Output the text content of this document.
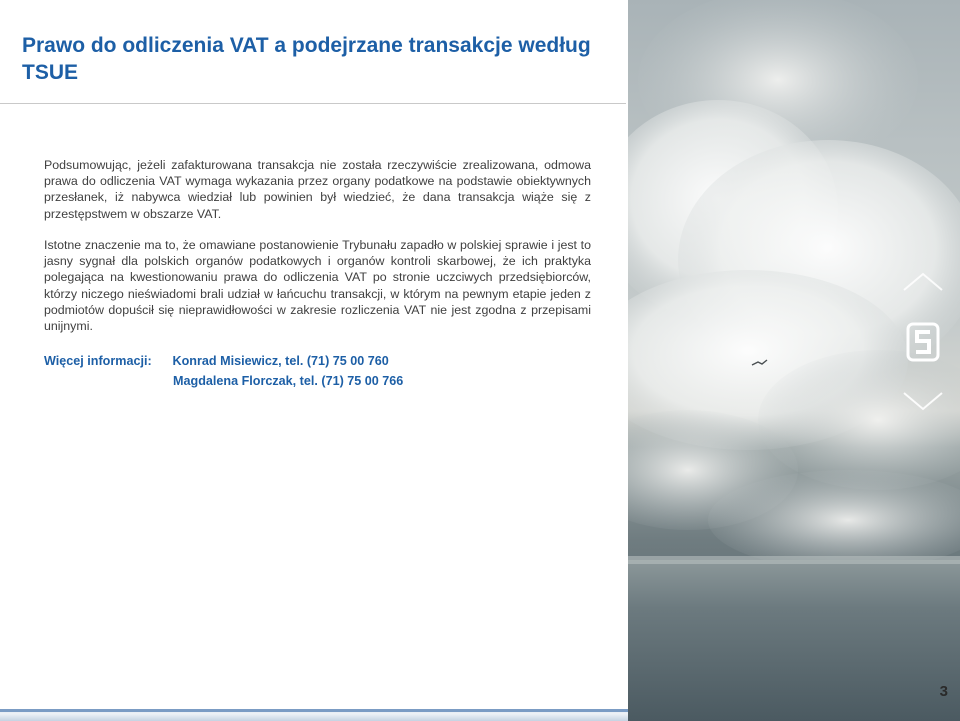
Prawo do odliczenia VAT a podejrzane transakcje według TSUE
Podsumowując, jeżeli zafakturowana transakcja nie została rzeczywiście zrealizowana, odmowa prawa do odliczenia VAT wymaga wykazania przez organy podatkowe na podstawie obiektywnych przesłanek, iż nabywca wiedział lub powinien był wiedzieć, że dana transakcja wiąże się z przestępstwem w obszarze VAT.
Istotne znaczenie ma to, że omawiane postanowienie Trybunału zapadło w polskiej sprawie i jest to jasny sygnał dla polskich organów podatkowych i organów kontroli skarbowej, że ich praktyka polegająca na kwestionowaniu prawa do odliczenia VAT po stronie uczciwych przedsiębiorców, którzy niczego nieświadomi brali udział w łańcuchu transakcji, w którym na pewnym etapie jeden z podmiotów dopuścił się nieprawidłowości w zakresie rozliczenia VAT nie jest zgodna z przepisami unijnymi.
Więcej informacji: Konrad Misiewicz, tel. (71) 75 00 760
Magdalena Florczak, tel. (71) 75 00 766
3
